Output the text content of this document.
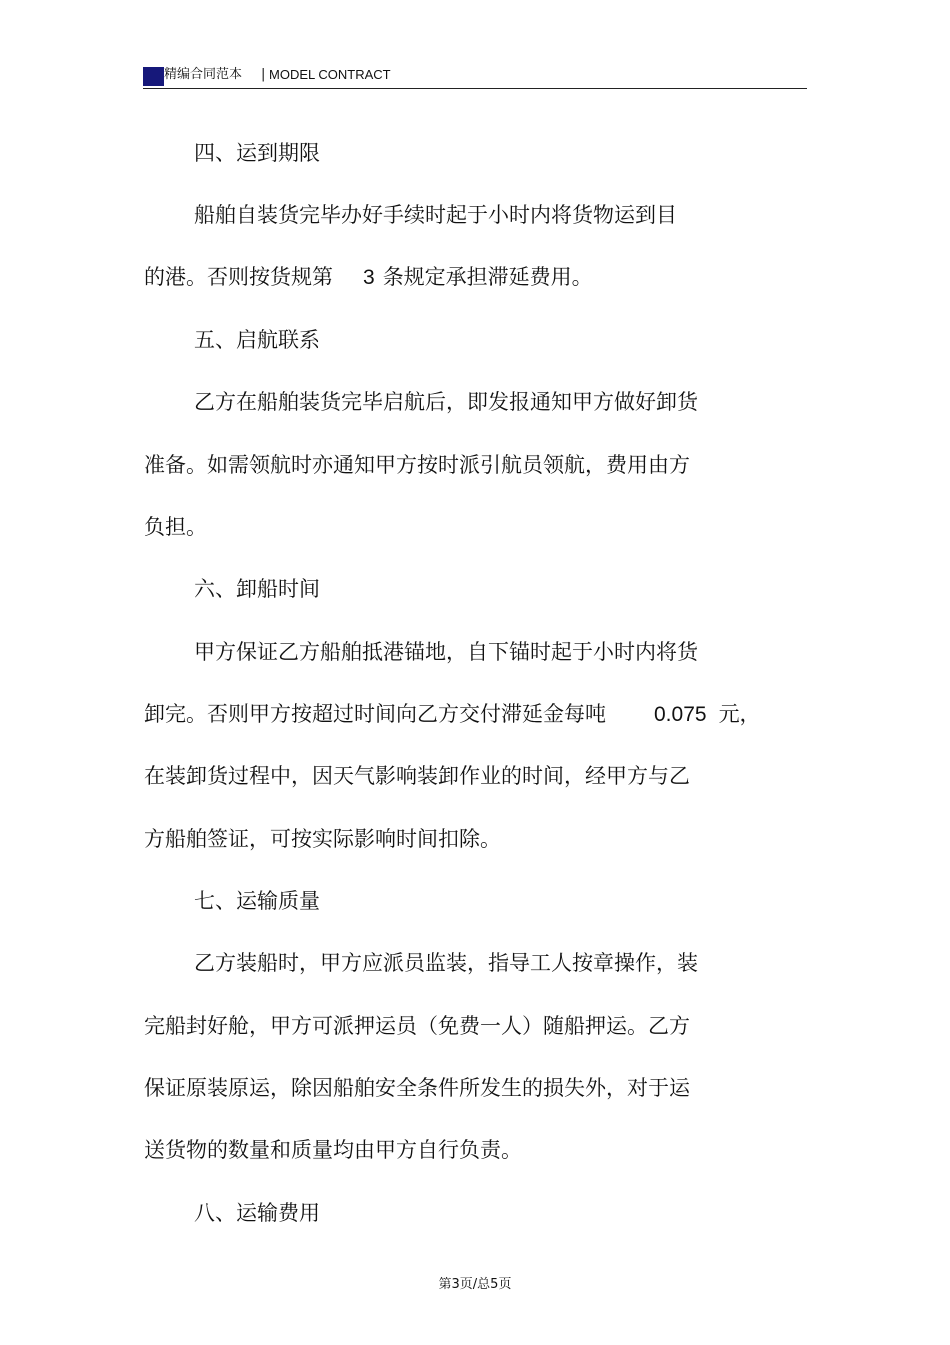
精编合同范本 | MODEL CONTRACT
四、运到期限
船舶自装货完毕办好手续时起于小时内将货物运到目
的港。否则按货规第 3 条规定承担滞延费用。
五、启航联系
乙方在船舶装货完毕启航后，即发报通知甲方做好卸货
准备。如需领航时亦通知甲方按时派引航员领航，费用由方
负担。
六、卸船时间
甲方保证乙方船舶抵港锚地，自下锚时起于小时内将货
卸完。否则甲方按超过时间向乙方交付滞延金每吨 0.075 元，
在装卸货过程中，因天气影响装卸作业的时间，经甲方与乙
方船舶签证，可按实际影响时间扣除。
七、运输质量
乙方装船时，甲方应派员监装，指导工人按章操作，装
完船封好舱，甲方可派押运员（免费一人）随船押运。乙方
保证原装原运，除因船舶安全条件所发生的损失外，对于运
送货物的数量和质量均由甲方自行负责。
八、运输费用
第3页/总5页
